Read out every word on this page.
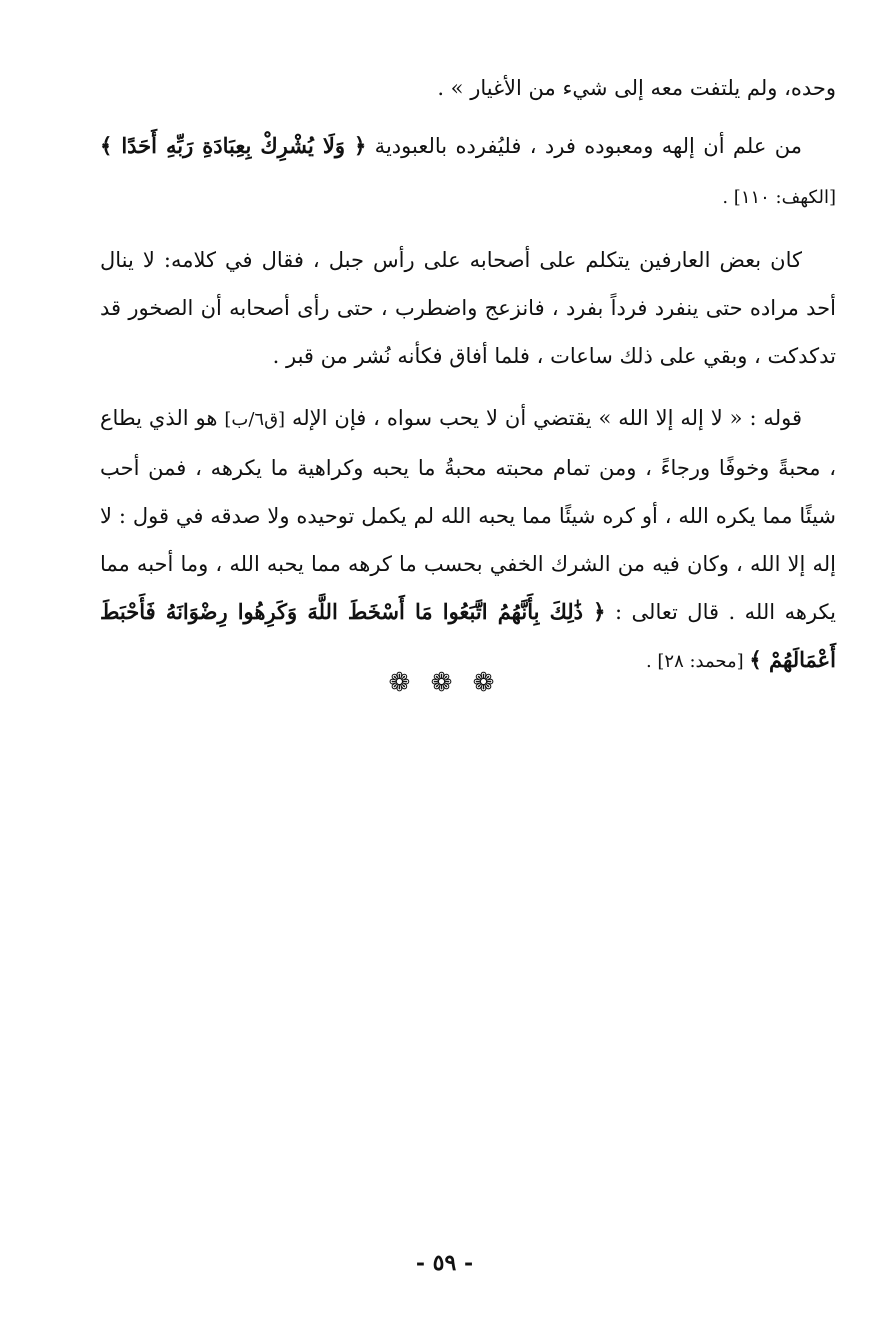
وحده، ولم يلتفت معه إلى شيء من الأغيار » .

من علم أن إلهه ومعبوده فرد ، فليُفرده بالعبودية ﴿ وَلَا يُشْرِكْ بِعِبَادَةِ رَبِّهِ أَحَدًا ﴾ [الكهف: ١١٠] .

كان بعض العارفين يتكلم على أصحابه على رأس جبل ، فقال في كلامه: لا ينال أحد مراده حتى ينفرد فرداً بفرد ، فانزعج واضطرب ، حتى رأى أصحابه أن الصخور قد تدكدكت ، وبقي على ذلك ساعات ، فلما أفاق فكأنه نُشر من قبر .

قوله : « لا إله إلا الله » يقتضي أن لا يحب سواه ، فإن الإله [ق٦/ب] هو الذي يطاع ، محبةً وخوفًا ورجاءً ، ومن تمام محبته محبةُ ما يحبه وكراهية ما يكرهه ، فمن أحب شيئًا مما يكره الله ، أو كره شيئًا مما يحبه الله لم يكمل توحيده ولا صدقه في قول : لا إله إلا الله ، وكان فيه من الشرك الخفي بحسب ما كرهه مما يحبه الله ، وما أحبه مما يكرهه الله . قال تعالى : ﴿ ذَٰلِكَ بِأَنَّهُمُ اتَّبَعُوا مَا أَسْخَطَ اللَّهَ وَكَرِهُوا رِضْوَانَهُ فَأَحْبَطَ أَعْمَالَهُمْ ﴾ [محمد: ٢٨] .

❁ ❁ ❁
- ٥٩ -
